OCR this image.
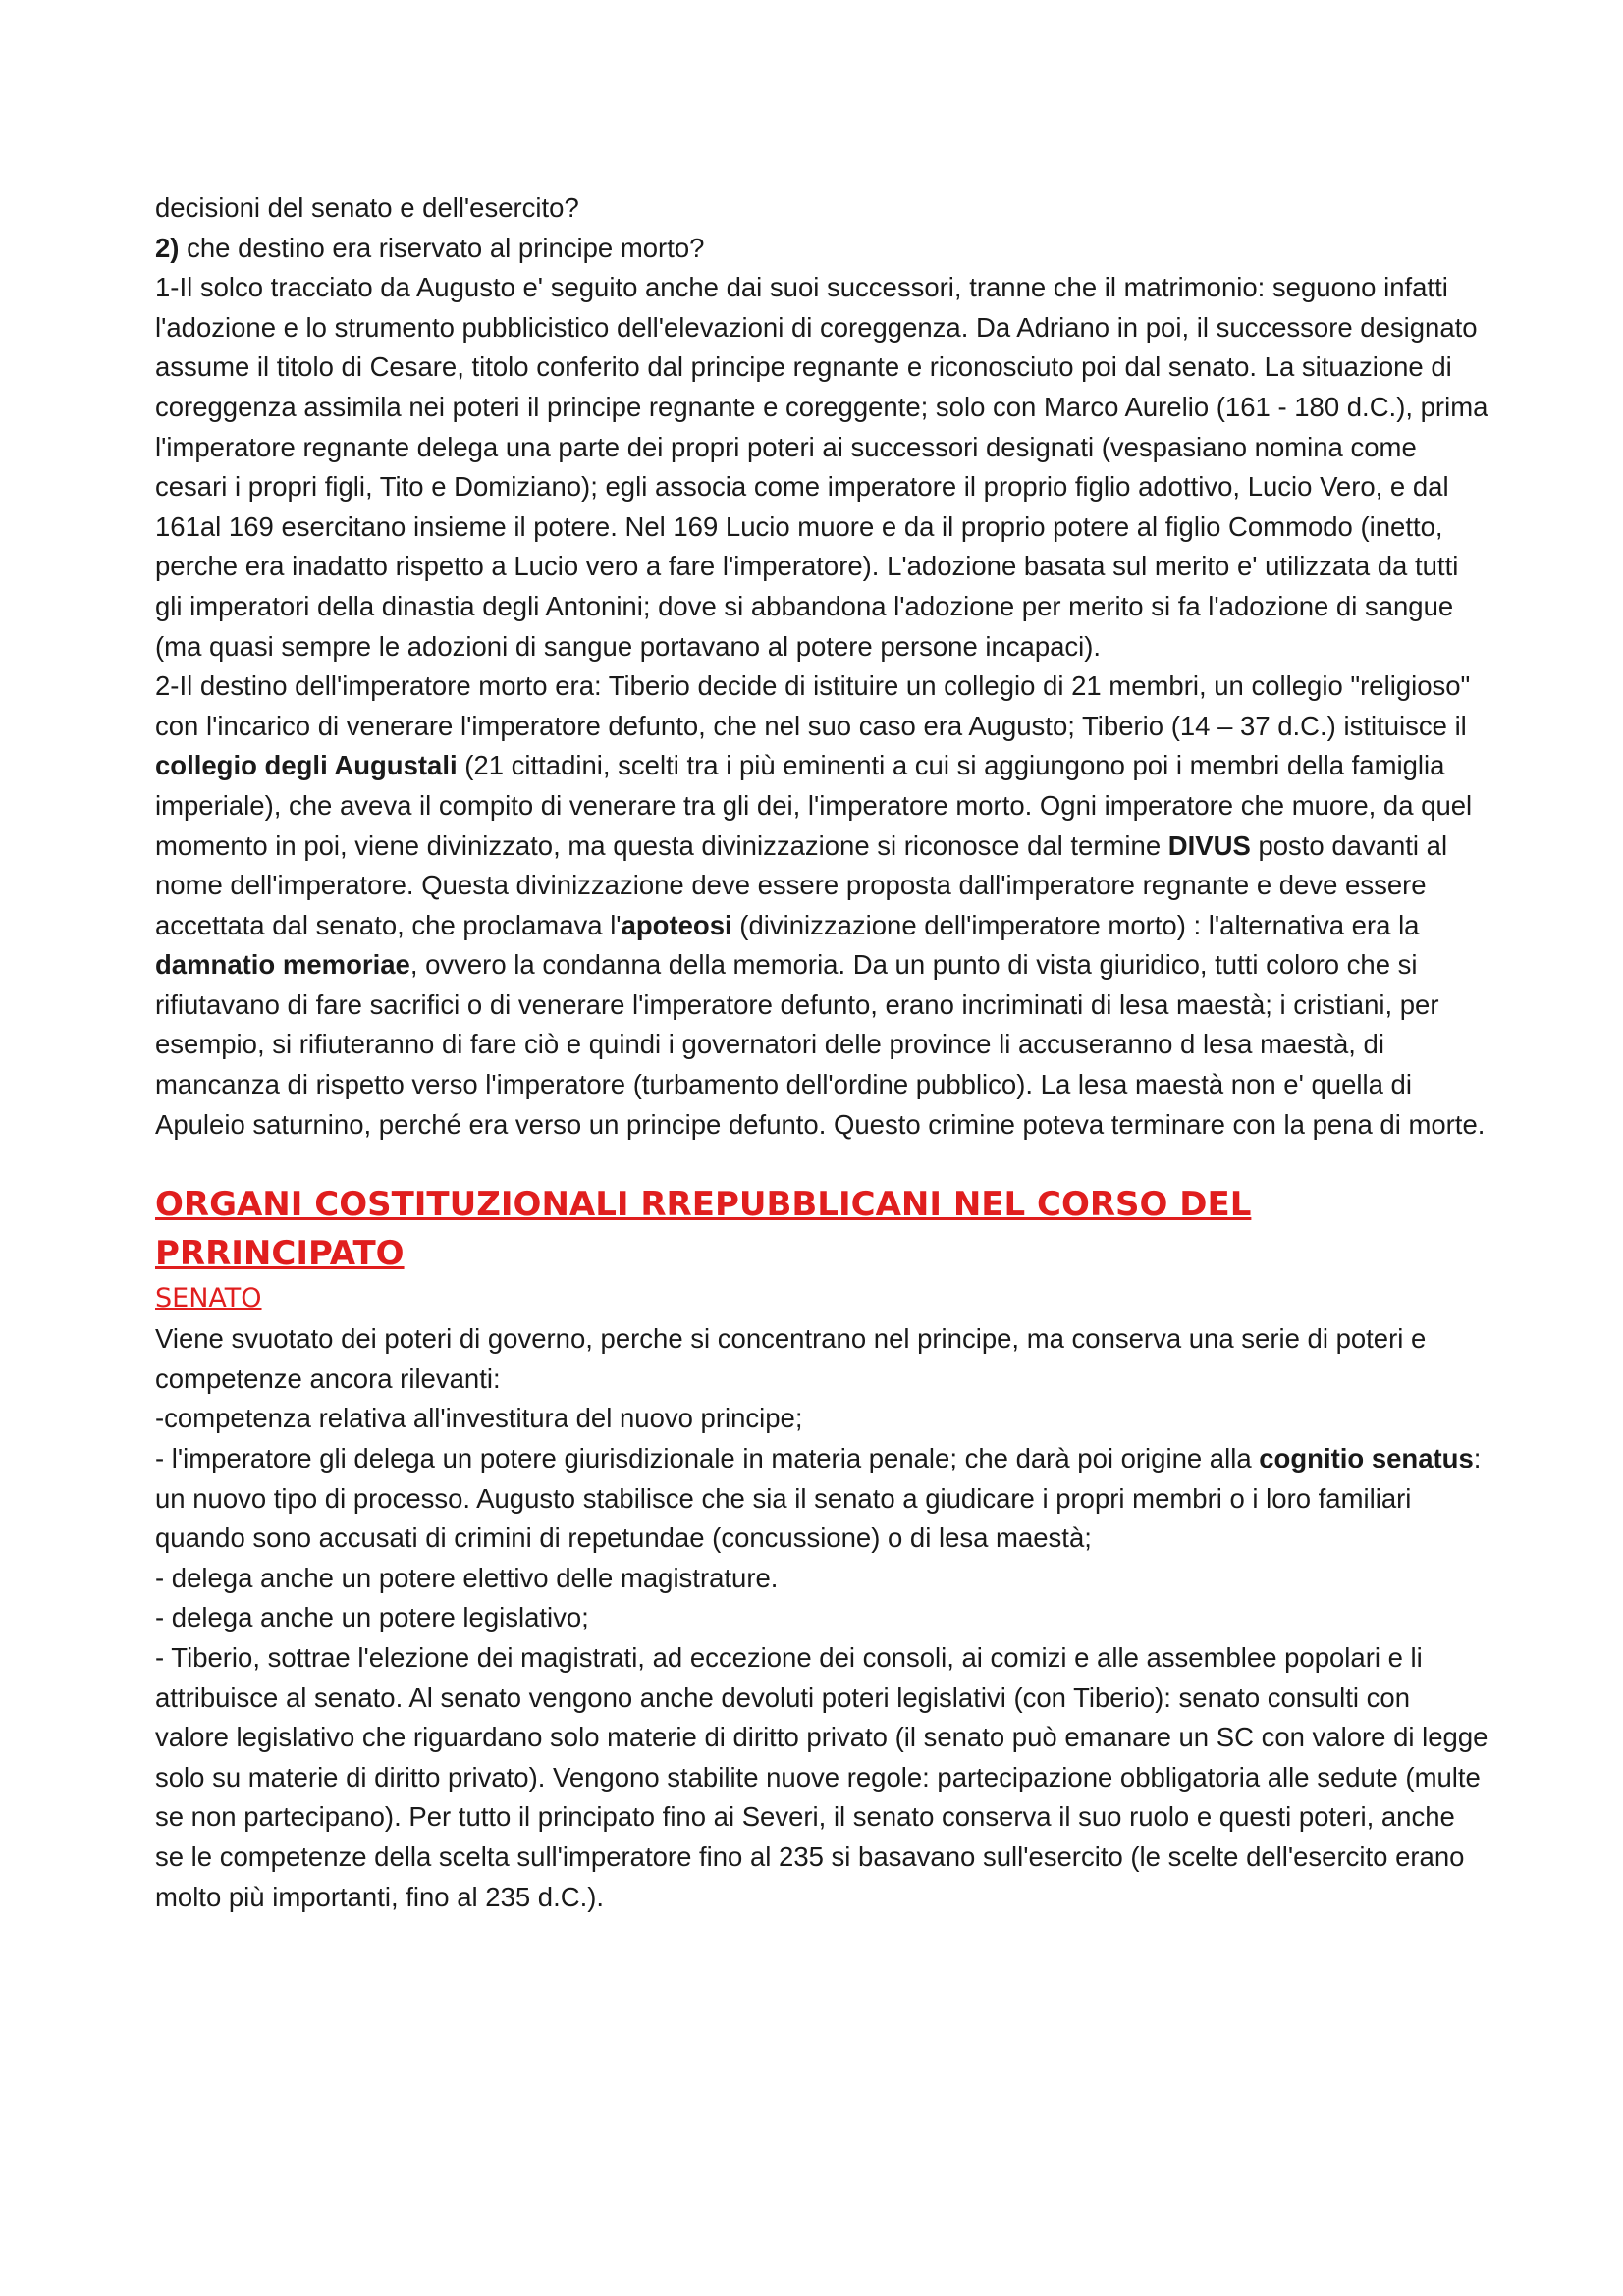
decisioni del senato e dell'esercito?

2) che destino era riservato al principe morto?

1-Il solco tracciato da Augusto e' seguito anche dai suoi successori, tranne che il matrimonio: seguono infatti l'adozione e lo strumento pubblicistico dell'elevazioni di coreggenza. Da Adriano in poi, il successore designato assume il titolo di Cesare, titolo conferito dal principe regnante e riconosciuto poi dal senato. La situazione di coreggenza assimila nei poteri il principe regnante e coreggente; solo con Marco Aurelio (161 - 180 d.C.), prima l'imperatore regnante delega una parte dei propri poteri ai successori designati (vespasiano nomina come cesari i propri figli, Tito e Domiziano); egli associa come imperatore il proprio figlio adottivo, Lucio Vero, e dal 161al 169 esercitano insieme il potere. Nel 169 Lucio muore e da il proprio potere al figlio Commodo (inetto, perche era inadatto rispetto a Lucio vero a fare l'imperatore). L'adozione basata sul merito e' utilizzata da tutti gli imperatori della dinastia degli Antonini; dove si abbandona l'adozione per merito si fa l'adozione di sangue (ma quasi sempre le adozioni di sangue portavano al potere persone incapaci).

2-Il destino dell'imperatore morto era: Tiberio decide di istituire un collegio di 21 membri, un collegio "religioso" con l'incarico di venerare l'imperatore defunto, che nel suo caso era Augusto; Tiberio (14 – 37 d.C.) istituisce il collegio degli Augustali (21 cittadini, scelti tra i più eminenti a cui si aggiungono poi i membri della famiglia imperiale), che aveva il compito di venerare tra gli dei, l'imperatore morto. Ogni imperatore che muore, da quel momento in poi, viene divinizzato, ma questa divinizzazione si riconosce dal termine DIVUS posto davanti al nome dell'imperatore. Questa divinizzazione deve essere proposta dall'imperatore regnante e deve essere accettata dal senato, che proclamava l'apoteosi (divinizzazione dell'imperatore morto) : l'alternativa era la damnatio memoriae, ovvero la condanna della memoria. Da un punto di vista giuridico, tutti coloro che si rifiutavano di fare sacrifici o di venerare l'imperatore defunto, erano incriminati di lesa maestà; i cristiani, per esempio, si rifiuteranno di fare ciò e quindi i governatori delle province li accuseranno d lesa maestà, di mancanza di rispetto verso l'imperatore (turbamento dell'ordine pubblico). La lesa maestà non e' quella di Apuleio saturnino, perché era verso un principe defunto. Questo crimine poteva terminare con la pena di morte.

ORGANI COSTITUZIONALI RREPUBBLICANI NEL CORSO DEL
PRRINCIPATO
SENATO

Viene svuotato dei poteri di governo, perche si concentrano nel principe, ma conserva una serie di poteri e competenze ancora rilevanti:

-competenza relativa all'investitura del nuovo principe;

- l'imperatore gli delega un potere giurisdizionale in materia penale; che darà poi origine alla cognitio senatus: un nuovo tipo di processo. Augusto stabilisce che sia il senato a giudicare i propri membri o i loro familiari quando sono accusati di crimini di repetundae (concussione) o di lesa maestà;

- delega anche un potere elettivo delle magistrature.

- delega anche un potere legislativo;

- Tiberio, sottrae l'elezione dei magistrati, ad eccezione dei consoli, ai comizi e alle assemblee popolari e li attribuisce al senato. Al senato vengono anche devoluti poteri legislativi (con Tiberio): senato consulti con valore legislativo che riguardano solo materie di diritto privato (il senato può emanare un SC con valore di legge solo su materie di diritto privato). Vengono stabilite nuove regole: partecipazione obbligatoria alle sedute (multe se non partecipano). Per tutto il principato fino ai Severi, il senato conserva il suo ruolo e questi poteri, anche se le competenze della scelta sull'imperatore fino al 235 si basavano sull'esercito (le scelte dell'esercito erano molto più importanti, fino al 235 d.C.).
